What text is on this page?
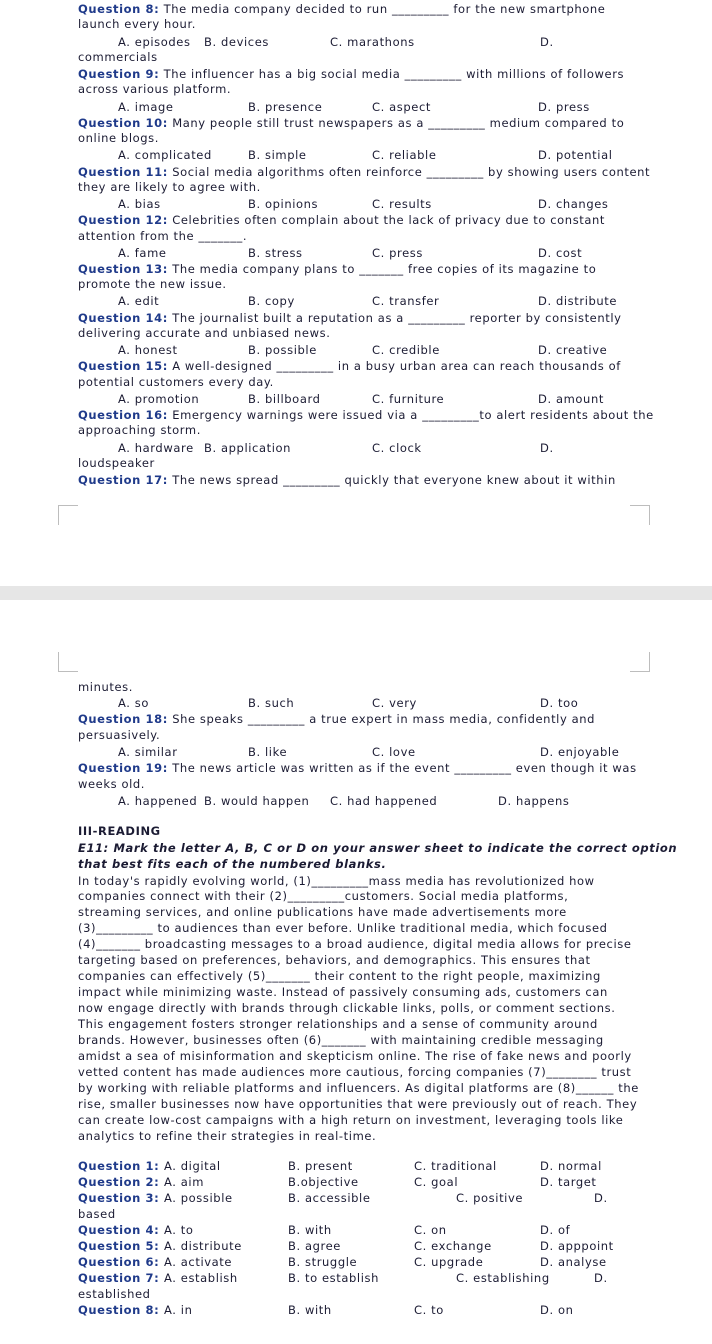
Question 8: The media company decided to run _________ for the new smartphone
launch every hour.
A. episodes B. devices	C. marathons	D.
commercials
Question 9: The influencer has a big social media _________ with millions of followers
across various platform.
A. image	B. presence	C. aspect	D. press
Question 10: Many people still trust newspapers as a _________ medium compared to
online blogs.
A. complicated	B. simple	C. reliable	D. potential
Question 11: Social media algorithms often reinforce _________ by showing users content
they are likely to agree with.
A. bias	B. opinions	C. results	D. changes
Question 12: Celebrities often complain about the lack of privacy due to constant
attention from the _______.
A. fame	B. stress	C. press	D. cost
Question 13: The media company plans to _______ free copies of its magazine to
promote the new issue.
A. edit	B. copy	C. transfer	D. distribute
Question 14: The journalist built a reputation as a _________ reporter by consistently
delivering accurate and unbiased news.
A. honest	B. possible	C. credible	D. creative
Question 15: A well-designed _________ in a busy urban area can reach thousands of
potential customers every day.
A. promotion	B. billboard	C. furniture	D. amount
Question 16: Emergency warnings were issued via a _________to alert residents about the
approaching storm.
A. hardware B. application	C. clock	D.
loudspeaker
Question 17: The news spread _________ quickly that everyone knew about it within
minutes.
A. so	B. such	C. very	D. too
Question 18: She speaks _________ a true expert in mass media, confidently and
persuasively.
A. similar	B. like	C. love	D. enjoyable
Question 19: The news article was written as if the event _________ even though it was
weeks old.
A. happened B. would happen C. had happened	D. happens
III-READING
E11: Mark the letter A, B, C or D on your answer sheet to indicate the correct option
that best fits each of the numbered blanks.
In today's rapidly evolving world, (1)_________mass media has revolutionized how
companies connect with their (2)_________customers. Social media platforms,
streaming services, and online publications have made advertisements more
(3)_________ to audiences than ever before. Unlike traditional media, which focused
(4)_______ broadcasting messages to a broad audience, digital media allows for precise
targeting based on preferences, behaviors, and demographics. This ensures that
companies can effectively (5)_______ their content to the right people, maximizing
impact while minimizing waste. Instead of passively consuming ads, customers can
now engage directly with brands through clickable links, polls, or comment sections.
This engagement fosters stronger relationships and a sense of community around
brands. However, businesses often (6)_______ with maintaining credible messaging
amidst a sea of misinformation and skepticism online. The rise of fake news and poorly
vetted content has made audiences more cautious, forcing companies (7)________ trust
by working with reliable platforms and influencers. As digital platforms are (8)______ the
rise, smaller businesses now have opportunities that were previously out of reach. They
can create low-cost campaigns with a high return on investment, leveraging tools like
analytics to refine their strategies in real-time.
Question 1: A. digital	B. present	C. traditional	D. normal
Question 2: A. aim	B.objective	C. goal	D. target
Question 3: A. possible	B. accessible	C. positive	D.
based
Question 4: A. to	B. with	C. on	D. of
Question 5: A. distribute	B. agree	C. exchange	D. apppoint
Question 6: A. activate	B. struggle	C. upgrade	D. analyse
Question 7: A. establish	B. to establish	C. establishing	D.
established
Question 8: A. in	B. with	C. to	D. on
